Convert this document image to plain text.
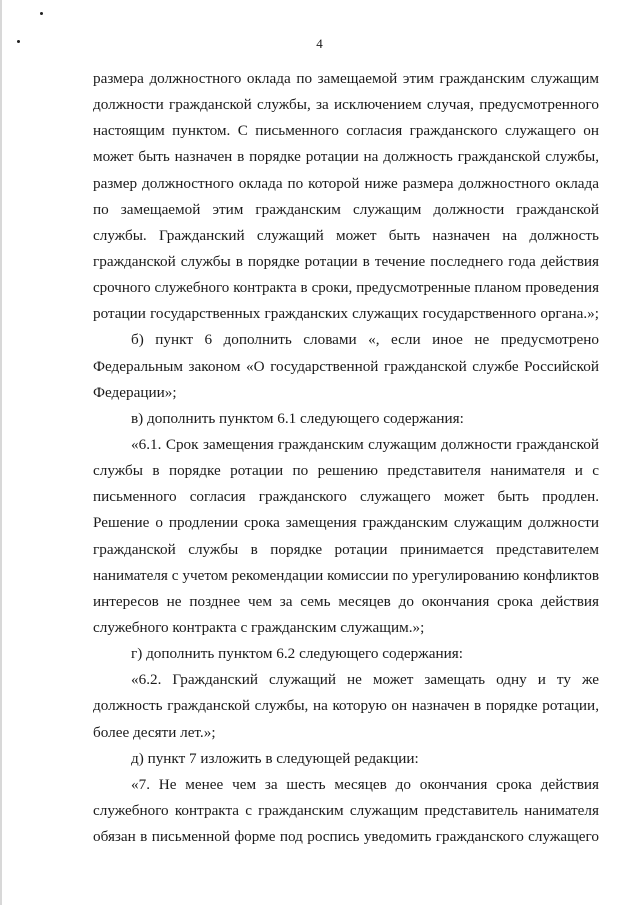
4
размера должностного оклада по замещаемой этим гражданским служащим
должности гражданской службы, за исключением случая, предусмотренного
настоящим пунктом. С письменного согласия гражданского служащего он
может быть назначен в порядке ротации на должность гражданской службы,
размер должностного оклада по которой ниже размера должностного оклада
по замещаемой этим гражданским служащим должности гражданской
службы. Гражданский служащий может быть назначен на должность
гражданской службы в порядке ротации в течение последнего года действия
срочного служебного контракта в сроки, предусмотренные планом проведения
ротации государственных гражданских служащих государственного органа.»;
б) пункт 6 дополнить словами «, если иное не предусмотрено
Федеральным законом «О государственной гражданской службе Российской
Федерации»;
в) дополнить пунктом 6.1 следующего содержания:
«6.1. Срок замещения гражданским служащим должности гражданской
службы в порядке ротации по решению представителя нанимателя и с
письменного согласия гражданского служащего может быть продлен.
Решение о продлении срока замещения гражданским служащим должности
гражданской службы в порядке ротации принимается представителем
нанимателя с учетом рекомендации комиссии по урегулированию конфликтов
интересов не позднее чем за семь месяцев до окончания срока действия
служебного контракта с гражданским служащим.»;
г) дополнить пунктом 6.2 следующего содержания:
«6.2. Гражданский служащий не может замещать одну и ту же
должность гражданской службы, на которую он назначен в порядке ротации,
более десяти лет.»;
д) пункт 7 изложить в следующей редакции:
«7. Не менее чем за шесть месяцев до окончания срока действия
служебного контракта с гражданским служащим представитель нанимателя
обязан в письменной форме под роспись уведомить гражданского служащего
